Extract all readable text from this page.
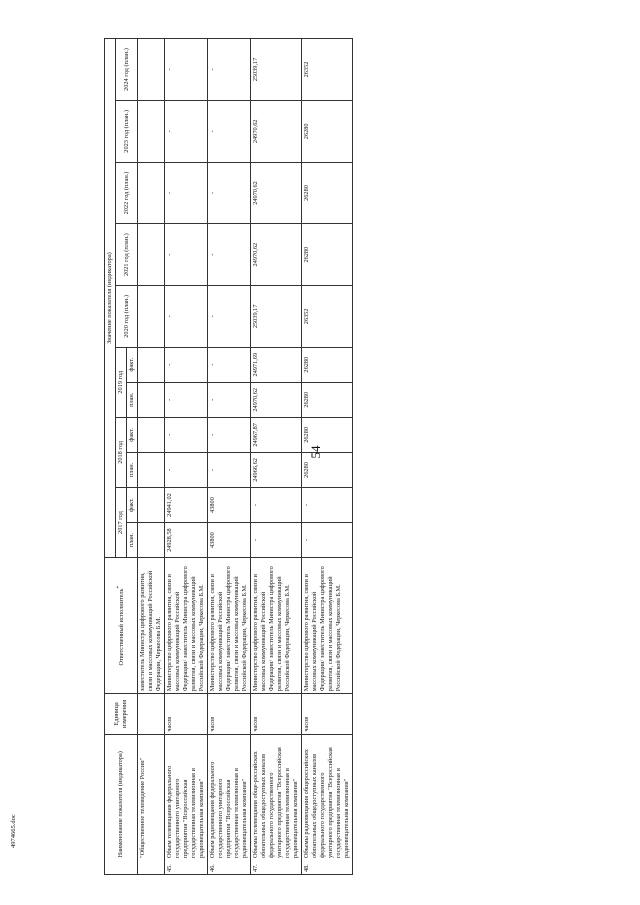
54
Наименование показателя (индикатора)	Единица измерения	Ответственный исполнитель*	Значение показателя (индикатора)										
			2017 год		2018 год		2019 год		2020 год (план.)	2021 год (план.)	2022 год (план.)	2023 год (план.)	2024 год (план.)
			план.	факт.	план.	факт.	план.	факт.					
"Общественное телевидение России"		заместитель Министра цифрового развития, связи и массовых коммуникаций Российской Федерации, Черкесова Б.М.											
45.Объем телевещания федерального государственного унитарного предприятия "Всероссийская государственная телевизионная и радиовещательная компания"	часов	Министерство цифрового развития, связи и массовых коммуникаций Российской Федерации/ заместитель Министра цифрового развития, связи и массовых коммуникаций Российской Федерации, Черкесова Б.М.	24928,58	24941,02	-	-	-	-	-	-	-	-	-
46.Объем радиовещания федерального государственного унитарного предприятия "Всероссийская государственная телевизионная и радиовещательная компания"	часов	Министерство цифрового развития, связи и массовых коммуникаций Российской Федерации/ заместитель Министра цифрового развития, связи и массовых коммуникаций Российской Федерации, Черкесова Б.М.	43800	43800	-	-	-	-	-	-	-	-	-
47.Объемы телевещания обще-российских обязательных общедоступных каналов федерального государственного унитарного предприятия "Всероссийская государственная телевизионная и радиовещательная компания"	часов	Министерство цифрового развития, связи и массовых коммуникаций Российской Федерации/ заместитель Министра цифрового развития, связи и массовых коммуникаций Российской Федерации, Черкесова Б.М.	-	-	24966,62	24967,87	24970,62	24971,69	25039,17	24970,62	24970,62	24970,62	25039,17
48.Объемы радиовещания общероссийских обязательных общедоступных каналов федерального государственного унитарного предприятия "Всероссийская государственная телевизионная и радиовещательная компания"	часов	Министерство цифрового развития, связи и массовых коммуникаций Российской Федерации/ заместитель Министра цифрового развития, связи и массовых коммуникаций Российской Федерации, Черкесова Б.М.	-	-	26280	26280	26280	26280	26352	26280	26280	26280	26352
4974665.doc
